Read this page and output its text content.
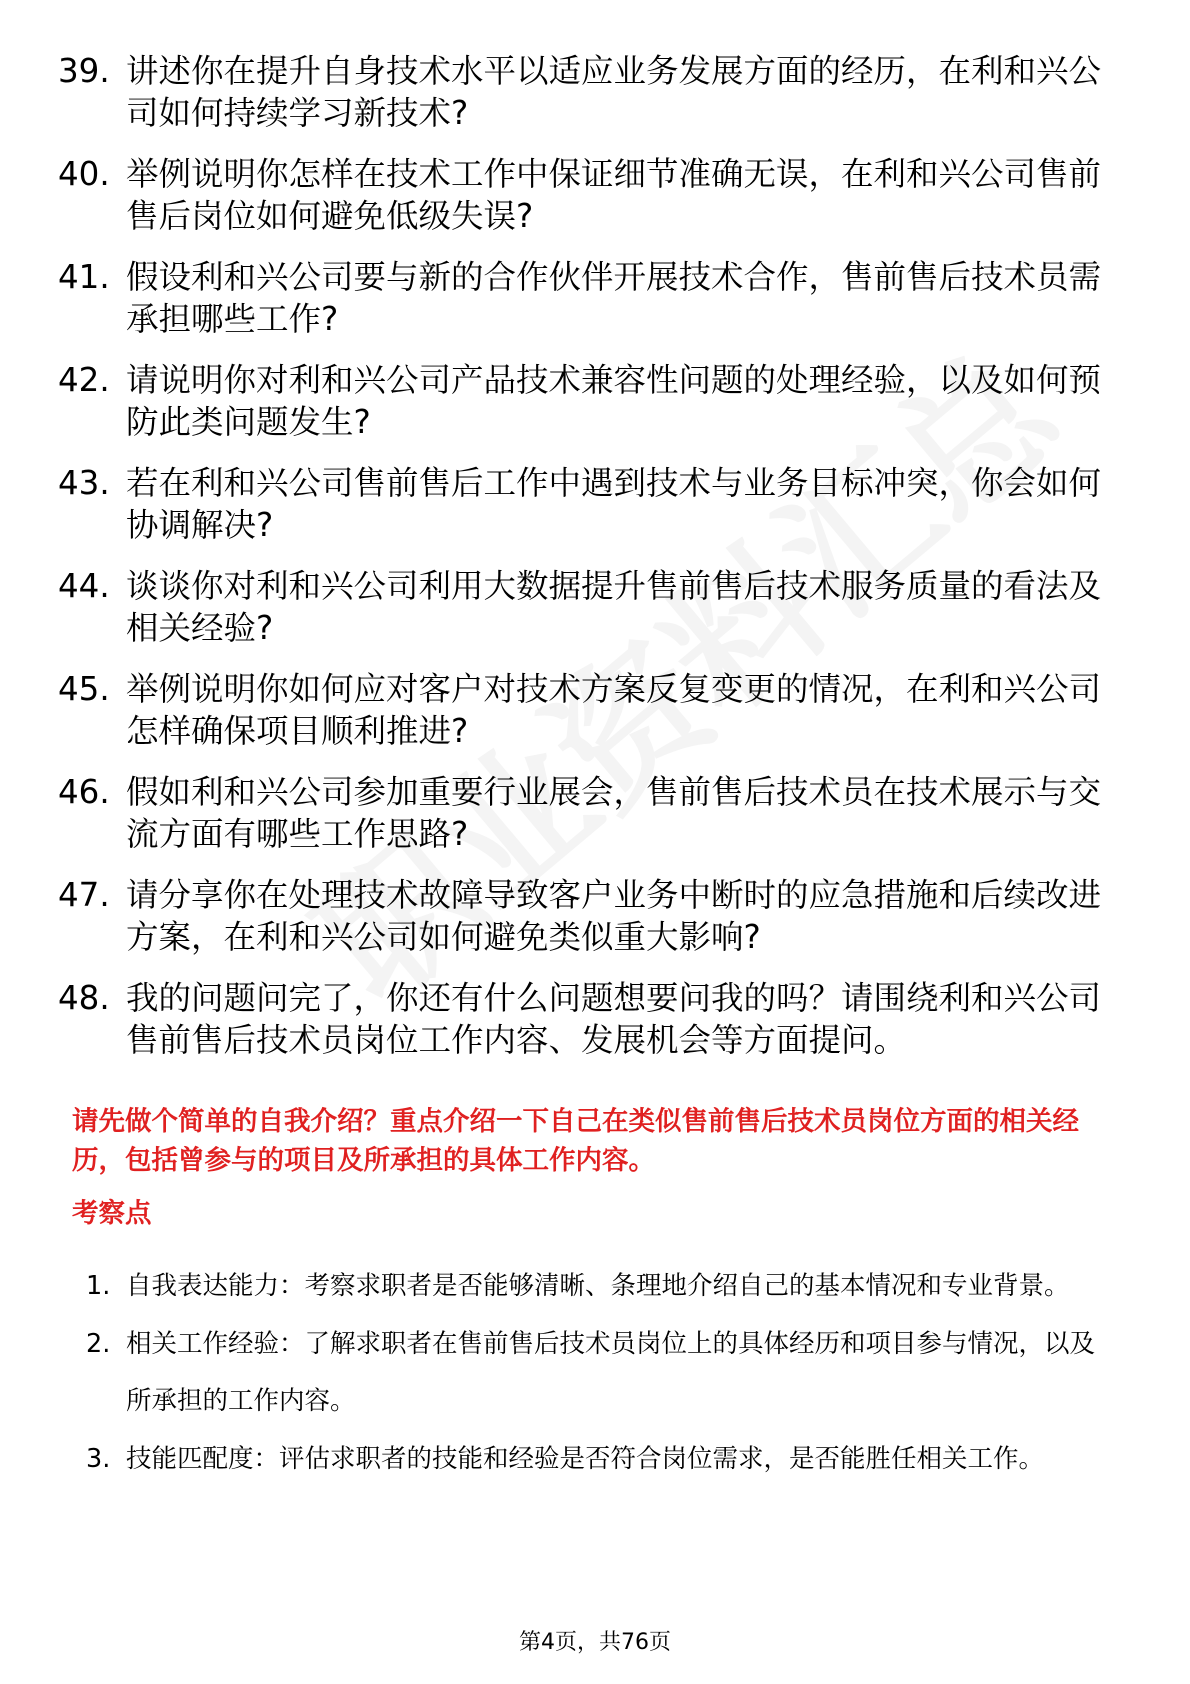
39. 讲述你在提升自身技术水平以适应业务发展方面的经历，在利和兴公司如何持续学习新技术?
40. 举例说明你怎样在技术工作中保证细节准确无误，在利和兴公司售前售后岗位如何避免低级失误?
41. 假设利和兴公司要与新的合作伙伴开展技术合作，售前售后技术员需承担哪些工作?
42. 请说明你对利和兴公司产品技术兼容性问题的处理经验，以及如何预防此类问题发生?
43. 若在利和兴公司售前售后工作中遇到技术与业务目标冲突，你会如何协调解决?
44. 谈谈你对利和兴公司利用大数据提升售前售后技术服务质量的看法及相关经验?
45. 举例说明你如何应对客户对技术方案反复变更的情况，在利和兴公司怎样确保项目顺利推进?
46. 假如利和兴公司参加重要行业展会，售前售后技术员在技术展示与交流方面有哪些工作思路?
47. 请分享你在处理技术故障导致客户业务中断时的应急措施和后续改进方案，在利和兴公司如何避免类似重大影响?
48. 我的问题问完了，你还有什么问题想要问我的吗？请围绕利和兴公司售前售后技术员岗位工作内容、发展机会等方面提问。
请先做个简单的自我介绍？重点介绍一下自己在类似售前售后技术员岗位方面的相关经历，包括曾参与的项目及所承担的具体工作内容。
考察点
1. 自我表达能力：考察求职者是否能够清晰、条理地介绍自己的基本情况和专业背景。
2. 相关工作经验：了解求职者在售前售后技术员岗位上的具体经历和项目参与情况，以及所承担的工作内容。
3. 技能匹配度：评估求职者的技能和经验是否符合岗位需求，是否能胜任相关工作。
第4页，共76页
